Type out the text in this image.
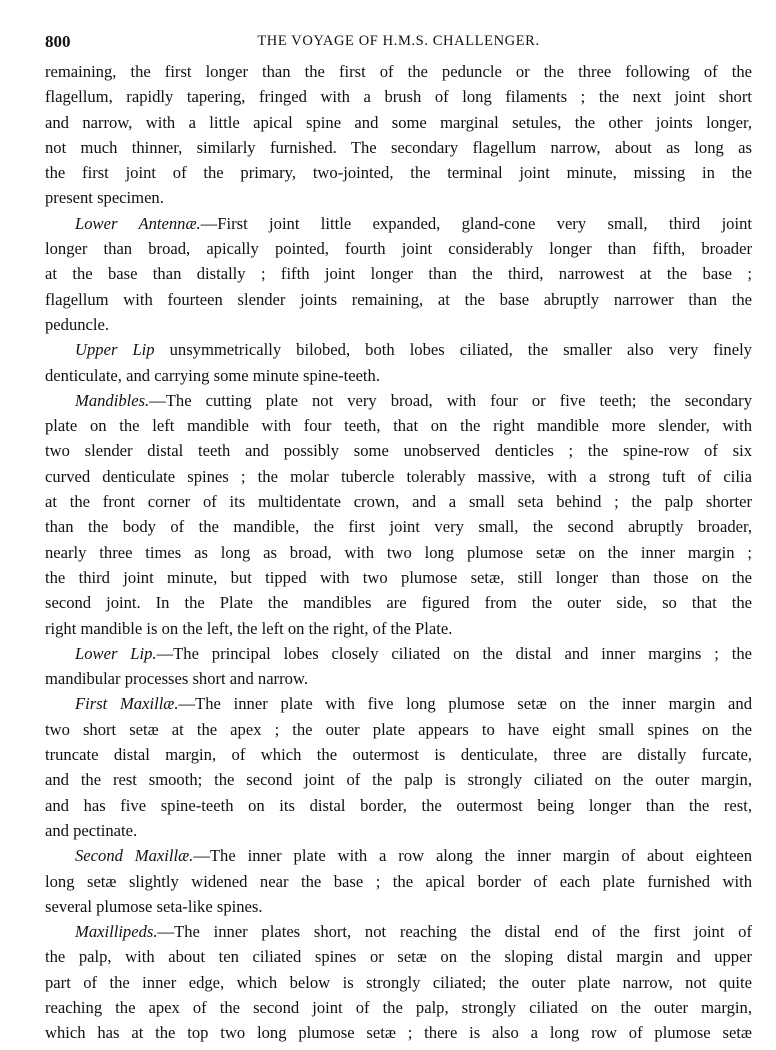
800	THE VOYAGE OF H.M.S. CHALLENGER.
remaining, the first longer than the first of the peduncle or the three following of the
flagellum, rapidly tapering, fringed with a brush of long filaments ; the next joint short
and narrow, with a little apical spine and some marginal setules, the other joints longer,
not much thinner, similarly furnished. The secondary flagellum narrow, about as long as
the first joint of the primary, two-jointed, the terminal joint minute, missing in the
present specimen.
Lower Antennæ.—First joint little expanded, gland-cone very small, third joint
longer than broad, apically pointed, fourth joint considerably longer than fifth, broader
at the base than distally ; fifth joint longer than the third, narrowest at the base ;
flagellum with fourteen slender joints remaining, at the base abruptly narrower than the
peduncle.
Upper Lip unsymmetrically bilobed, both lobes ciliated, the smaller also very finely
denticulate, and carrying some minute spine-teeth.
Mandibles.—The cutting plate not very broad, with four or five teeth; the secondary
plate on the left mandible with four teeth, that on the right mandible more slender, with
two slender distal teeth and possibly some unobserved denticles ; the spine-row of six
curved denticulate spines ; the molar tubercle tolerably massive, with a strong tuft of cilia
at the front corner of its multidentate crown, and a small seta behind ; the palp shorter
than the body of the mandible, the first joint very small, the second abruptly broader,
nearly three times as long as broad, with two long plumose setæ on the inner margin ;
the third joint minute, but tipped with two plumose setæ, still longer than those on the
second joint. In the Plate the mandibles are figured from the outer side, so that the
right mandible is on the left, the left on the right, of the Plate.
Lower Lip.—The principal lobes closely ciliated on the distal and inner margins ; the
mandibular processes short and narrow.
First Maxillæ.—The inner plate with five long plumose setæ on the inner margin and
two short setæ at the apex ; the outer plate appears to have eight small spines on the
truncate distal margin, of which the outermost is denticulate, three are distally furcate,
and the rest smooth; the second joint of the palp is strongly ciliated on the outer margin,
and has five spine-teeth on its distal border, the outermost being longer than the rest,
and pectinate.
Second Maxillæ.—The inner plate with a row along the inner margin of about eighteen
long setæ slightly widened near the base ; the apical border of each plate furnished with
several plumose seta-like spines.
Maxillipeds.—The inner plates short, not reaching the distal end of the first joint of
the palp, with about ten ciliated spines or setæ on the sloping distal margin and upper
part of the inner edge, which below is strongly ciliated; the outer plate narrow, not quite
reaching the apex of the second joint of the palp, strongly ciliated on the outer margin,
which has at the top two long plumose setæ ; there is also a long row of plumose setæ
